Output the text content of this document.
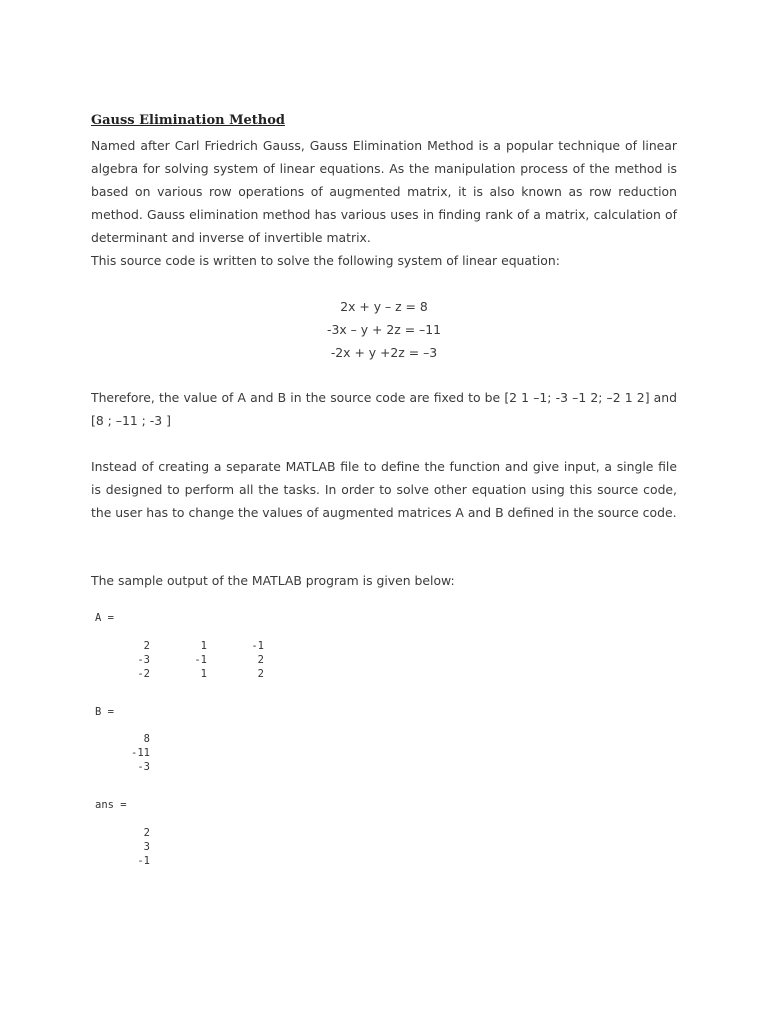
Gauss Elimination Method

Named after Carl Friedrich Gauss, Gauss Elimination Method is a popular technique of linear algebra for solving system of linear equations. As the manipulation process of the method is based on various row operations of augmented matrix, it is also known as row reduction method. Gauss elimination method has various uses in finding rank of a matrix, calculation of determinant and inverse of invertible matrix.

This source code is written to solve the following system of linear equation:

2x + y – z = 8
-3x – y + 2z = –11
-2x + y +2z = –3

Therefore, the value of A and B in the source code are fixed to be [2 1 –1; -3 –1 2; –2 1 2] and [8 ; –11 ; -3 ]

Instead of creating a separate MATLAB file to define the function and give input, a single file is designed to perform all the tasks. In order to solve other equation using this source code, the user has to change the values of augmented matrices A and B defined in the source code.

The sample output of the MATLAB program is given below:

A =
2	1	-1
-3	-1	2
-2	1	2
B =
8
-11
-3
ans =
2
3
-1
